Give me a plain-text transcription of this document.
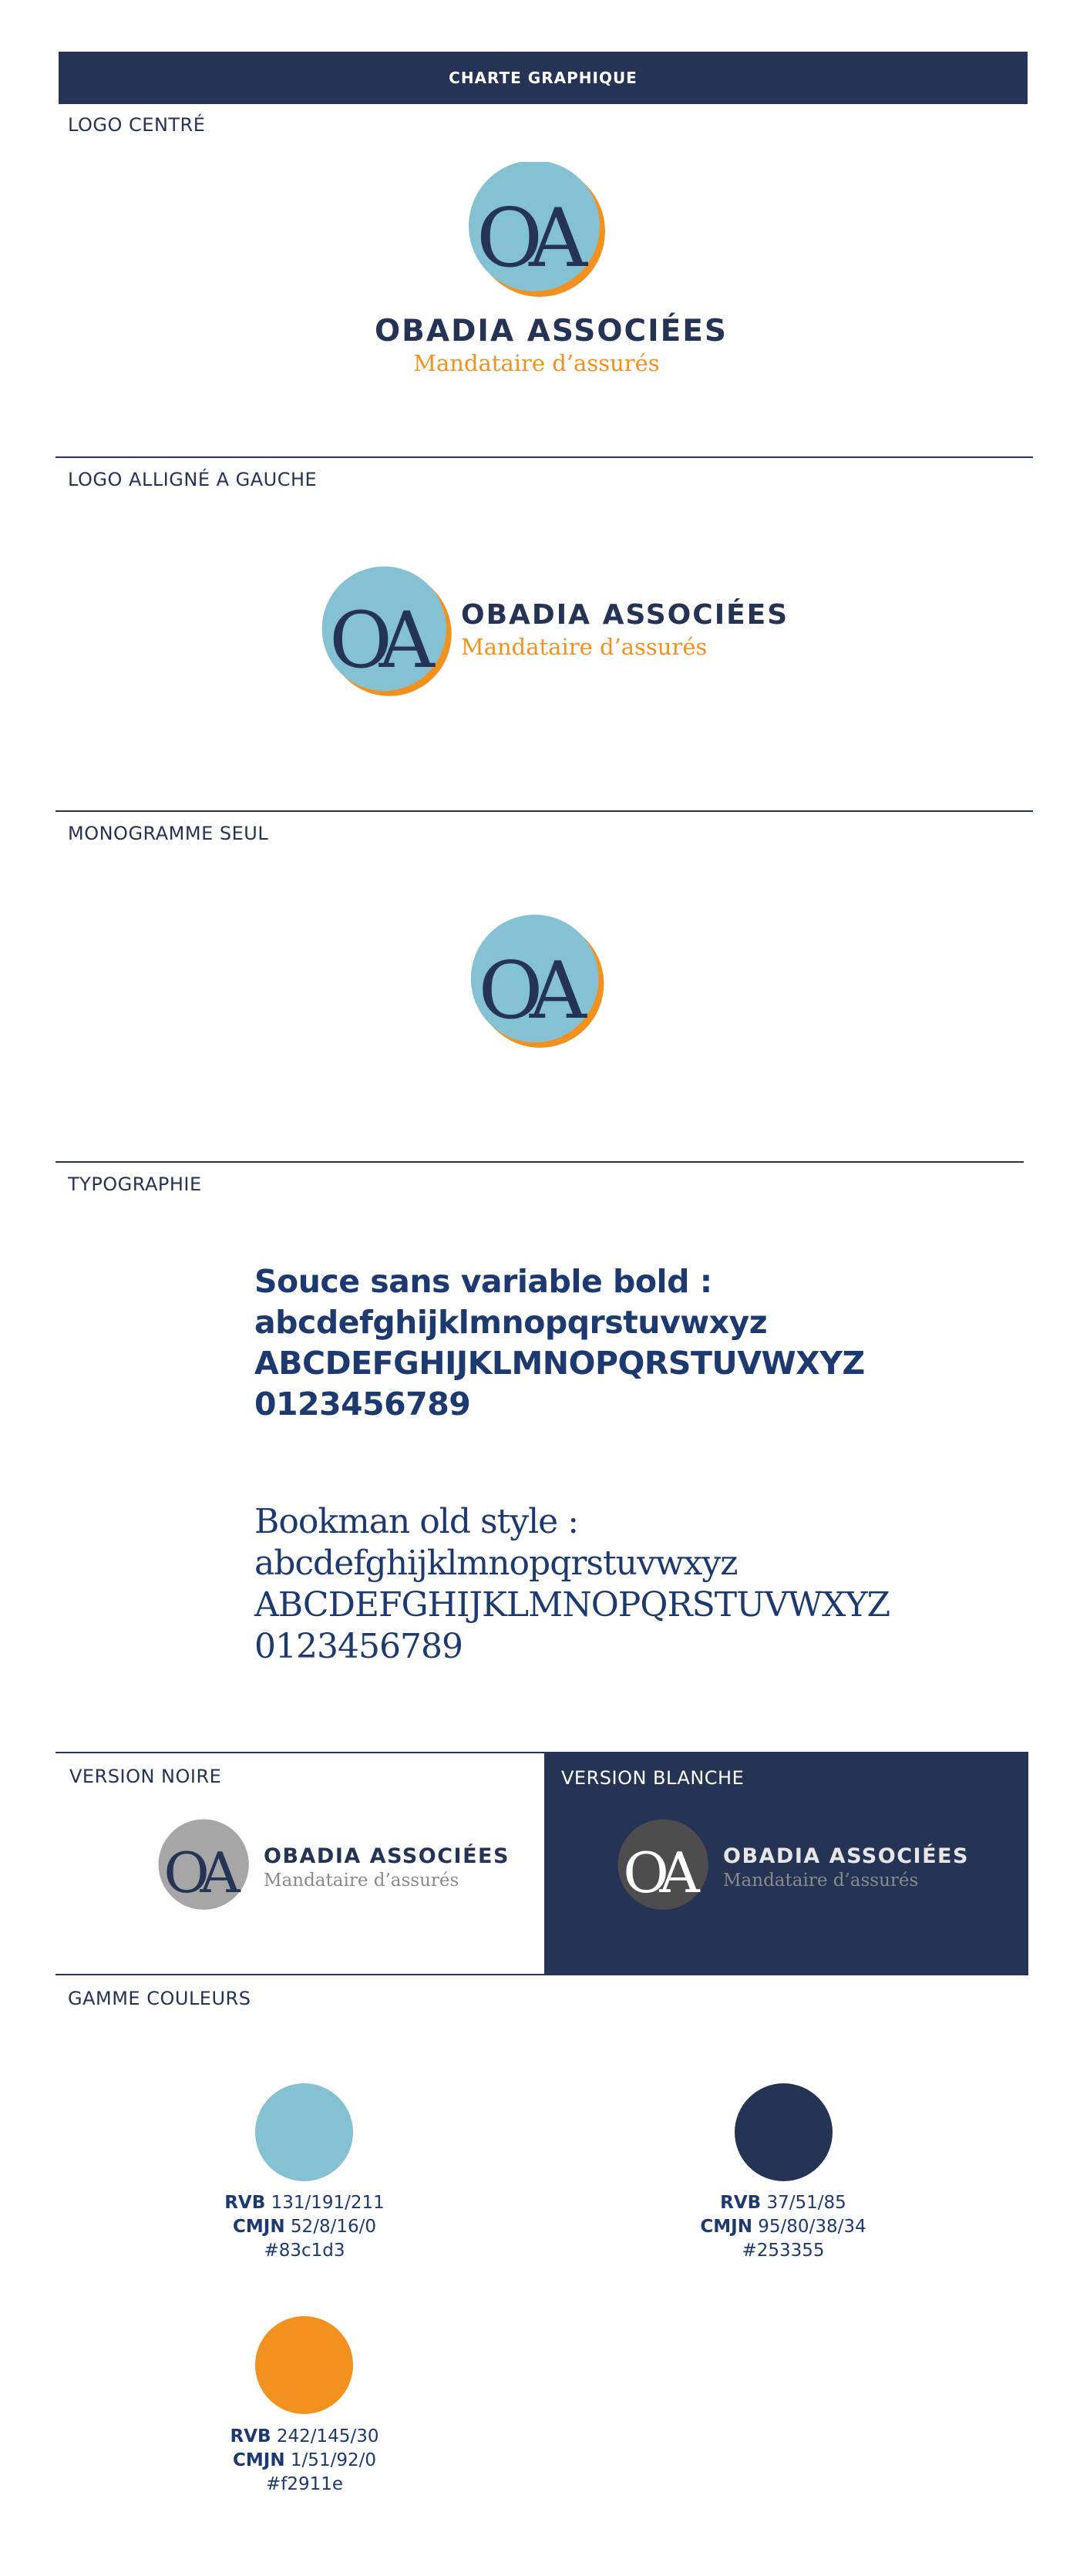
CHARTE GRAPHIQUE
LOGO CENTRÉ
OA
OBADIA ASSOCIÉES
Mandataire d’assurés
LOGO ALLIGNÉ A GAUCHE
OA	OBADIA ASSOCIÉES
Mandataire d’assurés
MONOGRAMME SEUL
OA
TYPOGRAPHIE
Souce sans variable bold :
abcdefghijklmnopqrstuvwxyz
ABCDEFGHIJKLMNOPQRSTUVWXYZ
0123456789
Bookman old style :
abcdefghijklmnopqrstuvwxyz
ABCDEFGHIJKLMNOPQRSTUVWXYZ
0123456789
VERSION NOIRE
OA	OBADIA ASSOCIÉES
Mandataire d’assurés
VERSION BLANCHE
OA	OBADIA ASSOCIÉES
Mandataire d’assurés
GAMME COULEURS
RVB 131/191/211
CMJN 52/8/16/0
#83c1d3
RVB 37/51/85
CMJN 95/80/38/34
#253355
RVB 242/145/30
CMJN 1/51/92/0
#f2911e
